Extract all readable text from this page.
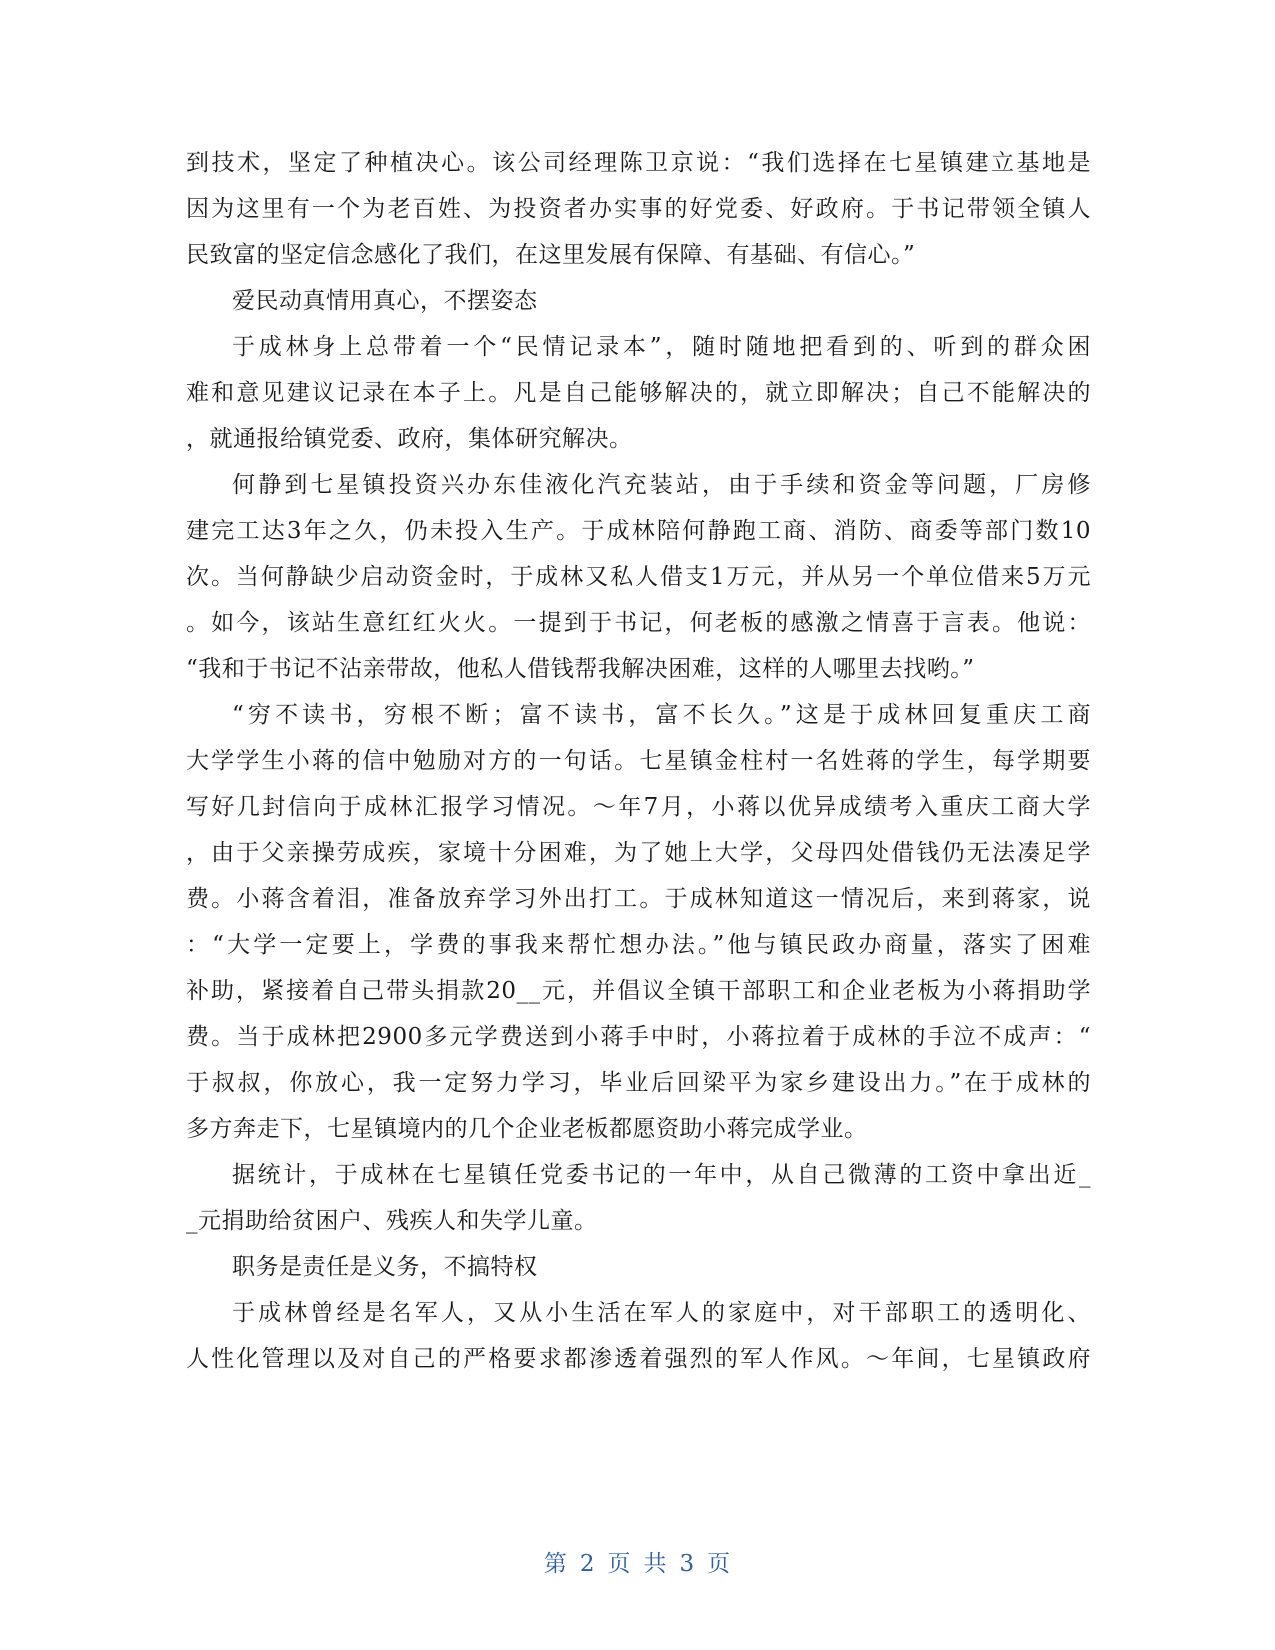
到技术，坚定了种植决心。该公司经理陈卫京说：“我们选择在七星镇建立基地是
因为这里有一个为老百姓、为投资者办实事的好党委、好政府。于书记带领全镇人
民致富的坚定信念感化了我们，在这里发展有保障、有基础、有信心。”
爱民动真情用真心，不摆姿态
于成林身上总带着一个“民情记录本”，随时随地把看到的、听到的群众困
难和意见建议记录在本子上。凡是自己能够解决的，就立即解决；自己不能解决的
，就通报给镇党委、政府，集体研究解决。
何静到七星镇投资兴办东佳液化汽充装站，由于手续和资金等问题，厂房修
建完工达3年之久，仍未投入生产。于成林陪何静跑工商、消防、商委等部门数10
次。当何静缺少启动资金时，于成林又私人借支1万元，并从另一个单位借来5万元
。如今，该站生意红红火火。一提到于书记，何老板的感激之情喜于言表。他说：
“我和于书记不沾亲带故，他私人借钱帮我解决困难，这样的人哪里去找哟。”
“穷不读书，穷根不断；富不读书，富不长久。”这是于成林回复重庆工商
大学学生小蒋的信中勉励对方的一句话。七星镇金柱村一名姓蒋的学生，每学期要
写好几封信向于成林汇报学习情况。～年7月，小蒋以优异成绩考入重庆工商大学
，由于父亲操劳成疾，家境十分困难，为了她上大学，父母四处借钱仍无法凑足学
费。小蒋含着泪，准备放弃学习外出打工。于成林知道这一情况后，来到蒋家，说
：“大学一定要上，学费的事我来帮忙想办法。”他与镇民政办商量，落实了困难
补助，紧接着自己带头捐款20__元，并倡议全镇干部职工和企业老板为小蒋捐助学
费。当于成林把2900多元学费送到小蒋手中时，小蒋拉着于成林的手泣不成声：“
于叔叔，你放心，我一定努力学习，毕业后回梁平为家乡建设出力。”在于成林的
多方奔走下，七星镇境内的几个企业老板都愿资助小蒋完成学业。
据统计，于成林在七星镇任党委书记的一年中，从自己微薄的工资中拿出近_
_元捐助给贫困户、残疾人和失学儿童。
职务是责任是义务，不搞特权
于成林曾经是名军人，又从小生活在军人的家庭中，对干部职工的透明化、
人性化管理以及对自己的严格要求都渗透着强烈的军人作风。～年间，七星镇政府
第 2 页 共 3 页
